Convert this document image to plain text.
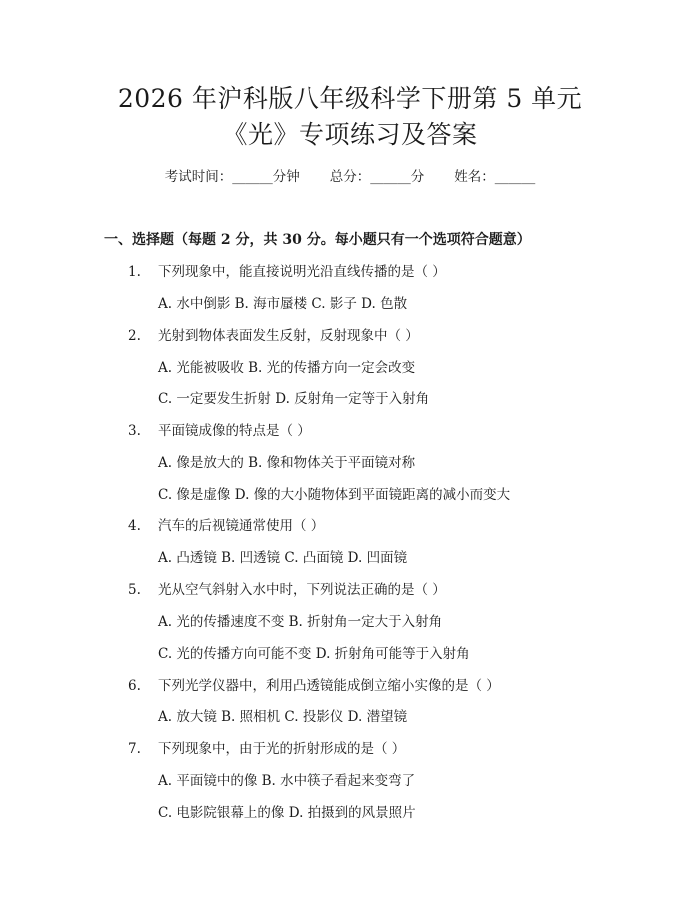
2026 年沪科版八年级科学下册第 5 单元
《光》专项练习及答案
考试时间：______分钟 总分：______分 姓名：______
一、选择题（每题 2 分，共 30 分。每小题只有一个选项符合题意）
1. 下列现象中，能直接说明光沿直线传播的是（ ）
A. 水中倒影 B. 海市蜃楼 C. 影子 D. 色散
2. 光射到物体表面发生反射，反射现象中（ ）
A. 光能被吸收 B. 光的传播方向一定会改变
C. 一定要发生折射 D. 反射角一定等于入射角
3. 平面镜成像的特点是（ ）
A. 像是放大的 B. 像和物体关于平面镜对称
C. 像是虚像 D. 像的大小随物体到平面镜距离的减小而变大
4. 汽车的后视镜通常使用（ ）
A. 凸透镜 B. 凹透镜 C. 凸面镜 D. 凹面镜
5. 光从空气斜射入水中时，下列说法正确的是（ ）
A. 光的传播速度不变 B. 折射角一定大于入射角
C. 光的传播方向可能不变 D. 折射角可能等于入射角
6. 下列光学仪器中，利用凸透镜能成倒立缩小实像的是（ ）
A. 放大镜 B. 照相机 C. 投影仪 D. 潜望镜
7. 下列现象中，由于光的折射形成的是（ ）
A. 平面镜中的像 B. 水中筷子看起来变弯了
C. 电影院银幕上的像 D. 拍摄到的风景照片
